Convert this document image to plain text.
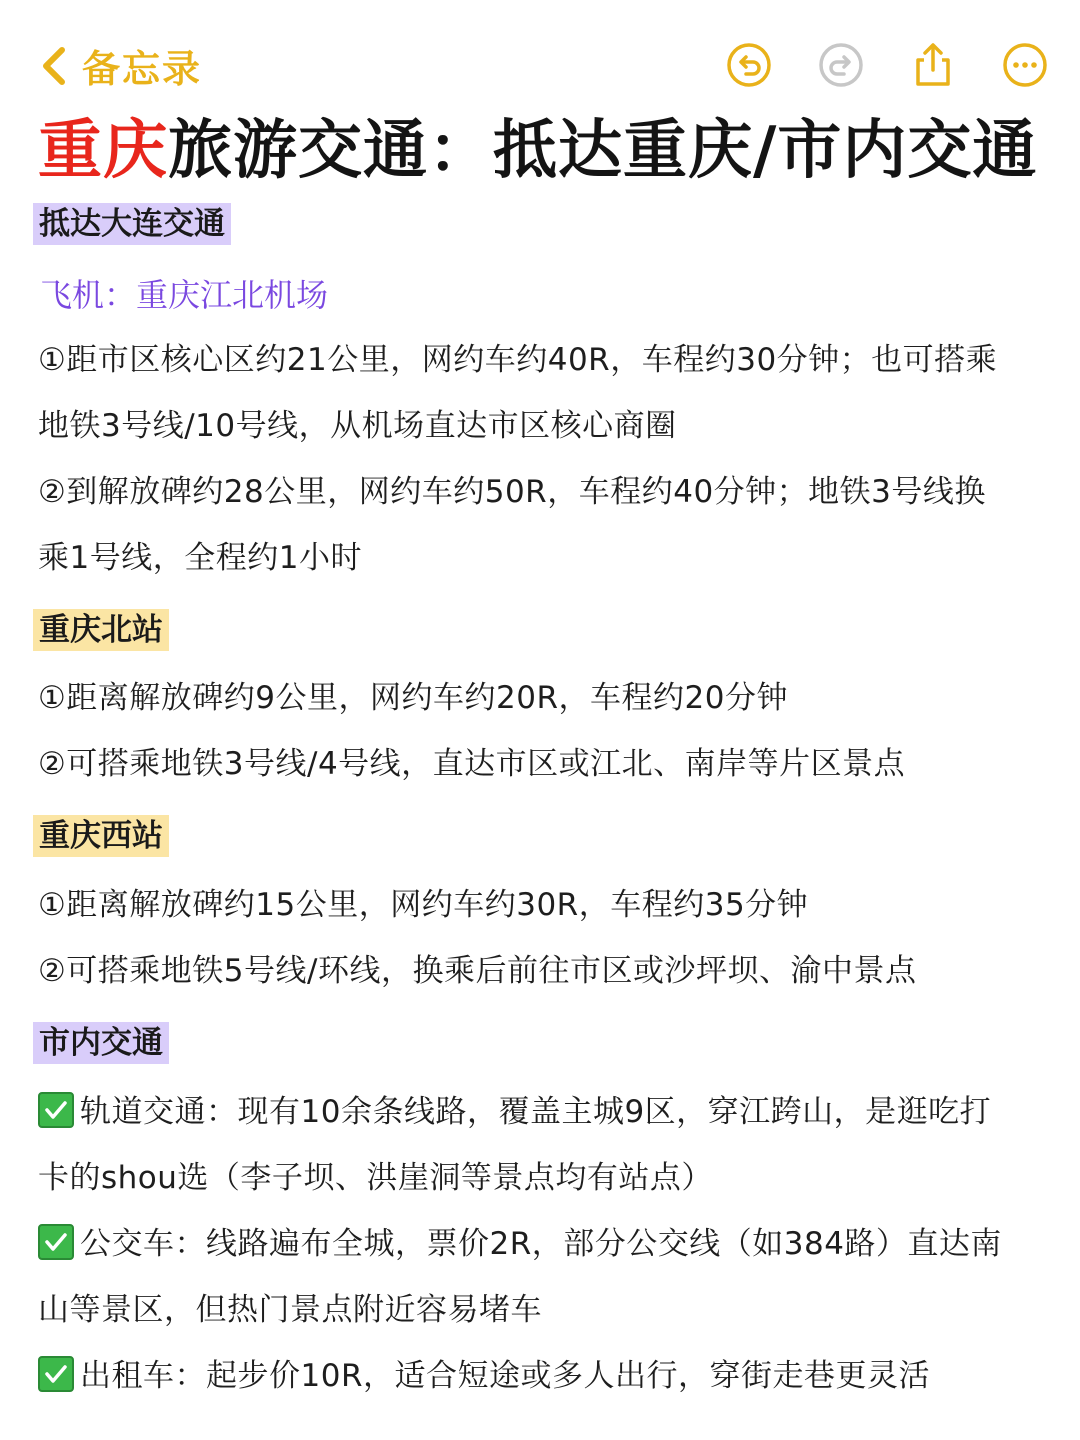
备忘录
重庆旅游交通：抵达重庆/市内交通
抵达大连交通
飞机：重庆江北机场
①距市区核心区约21公里，网约车约40R，车程约30分钟；也可搭乘
地铁3号线/10号线，从机场直达市区核心商圈
②到解放碑约28公里，网约车约50R，车程约40分钟；地铁3号线换
乘1号线，全程约1小时
重庆北站
①距离解放碑约9公里，网约车约20R，车程约20分钟
②可搭乘地铁3号线/4号线，直达市区或江北、南岸等片区景点
重庆西站
①距离解放碑约15公里，网约车约30R，车程约35分钟
②可搭乘地铁5号线/环线，换乘后前往市区或沙坪坝、渝中景点
市内交通
轨道交通：现有10余条线路，覆盖主城9区，穿江跨山，是逛吃打
卡的shou选（李子坝、洪崖洞等景点均有站点）
公交车：线路遍布全城，票价2R，部分公交线（如384路）直达南
山等景区，但热门景点附近容易堵车
出租车：起步价10R，适合短途或多人出行，穿街走巷更灵活
